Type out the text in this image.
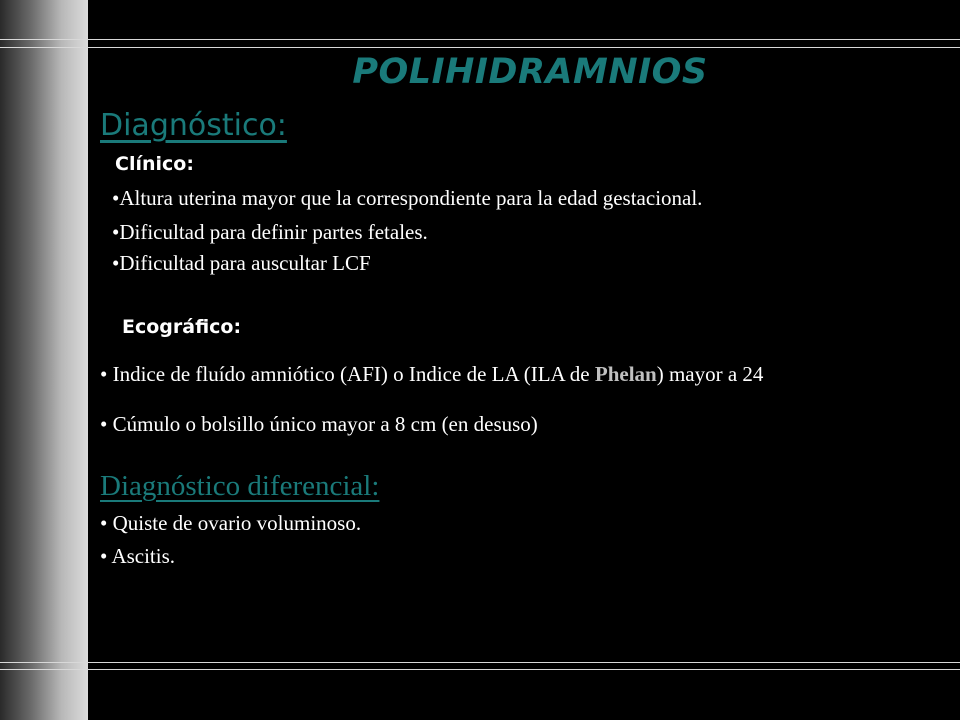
POLIHIDRAMNIOS
Diagnóstico:
Clínico:
•Altura uterina mayor que la correspondiente para la edad gestacional.
•Dificultad para definir partes fetales.
•Dificultad para auscultar LCF
Ecográfico:
• Indice de fluído amniótico (AFI) o Indice de LA (ILA de Phelan) mayor a 24
• Cúmulo o bolsillo único mayor a 8 cm (en desuso)
Diagnóstico diferencial:
• Quiste de ovario voluminoso.
• Ascitis.
